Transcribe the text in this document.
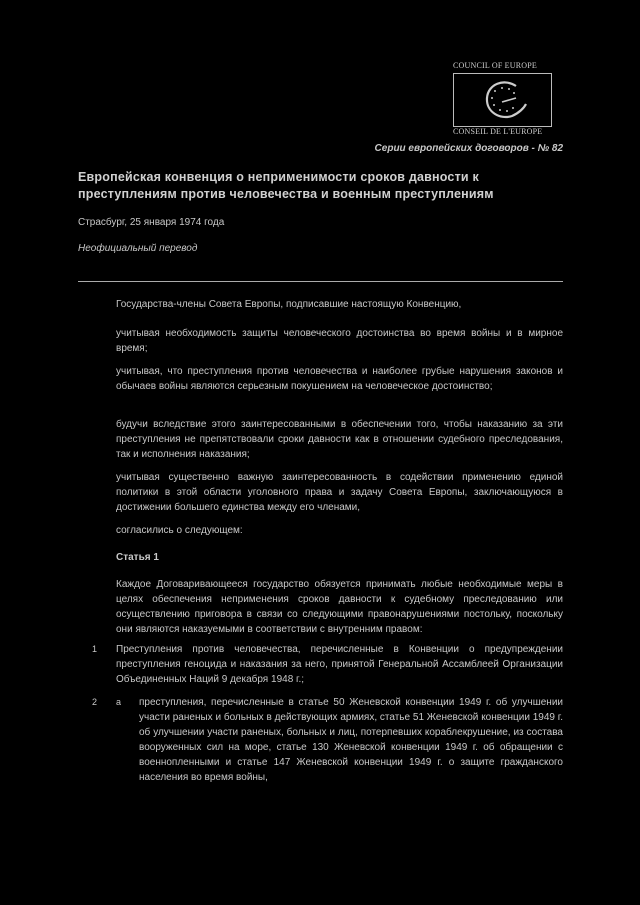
COUNCIL OF EUROPE
CONSEIL DE L'EUROPE
Серии европейских договоров - № 82
Европейская конвенция о неприменимости сроков давности к преступлениям против человечества и военным преступлениям
Страсбург, 25 января 1974 года
Неофициальный перевод
Государства-члены Совета Европы, подписавшие настоящую Конвенцию,
учитывая необходимость защиты человеческого достоинства во время войны и в мирное время;
учитывая, что преступления против человечества и наиболее грубые нарушения законов и обычаев войны являются серьезным покушением на человеческое достоинство;
будучи вследствие этого заинтересованными в обеспечении того, чтобы наказанию за эти преступления не препятствовали сроки давности как в отношении судебного преследования, так и исполнения наказания;
учитывая существенно важную заинтересованность в содействии применению единой политики в этой области уголовного права и задачу Совета Европы, заключающуюся в достижении большего единства между его членами,
согласились о следующем:
Статья 1
Каждое Договаривающееся государство обязуется принимать любые необходимые меры в целях обеспечения неприменения сроков давности к судебному преследованию или осуществлению приговора в связи со следующими правонарушениями постольку, поскольку они являются наказуемыми в соответствии с внутренним правом:
1 Преступления против человечества, перечисленные в Конвенции о предупреждении преступления геноцида и наказания за него, принятой Генеральной Ассамблеей Организации Объединенных Наций 9 декабря 1948 г.;
2 a преступления, перечисленные в статье 50 Женевской конвенции 1949 г. об улучшении участи раненых и больных в действующих армиях, статье 51 Женевской конвенции 1949 г. об улучшении участи раненых, больных и лиц, потерпевших кораблекрушение, из состава вооруженных сил на море, статье 130 Женевской конвенции 1949 г. об обращении с военнопленными и статье 147 Женевской конвенции 1949 г. о защите гражданского населения во время войны,
